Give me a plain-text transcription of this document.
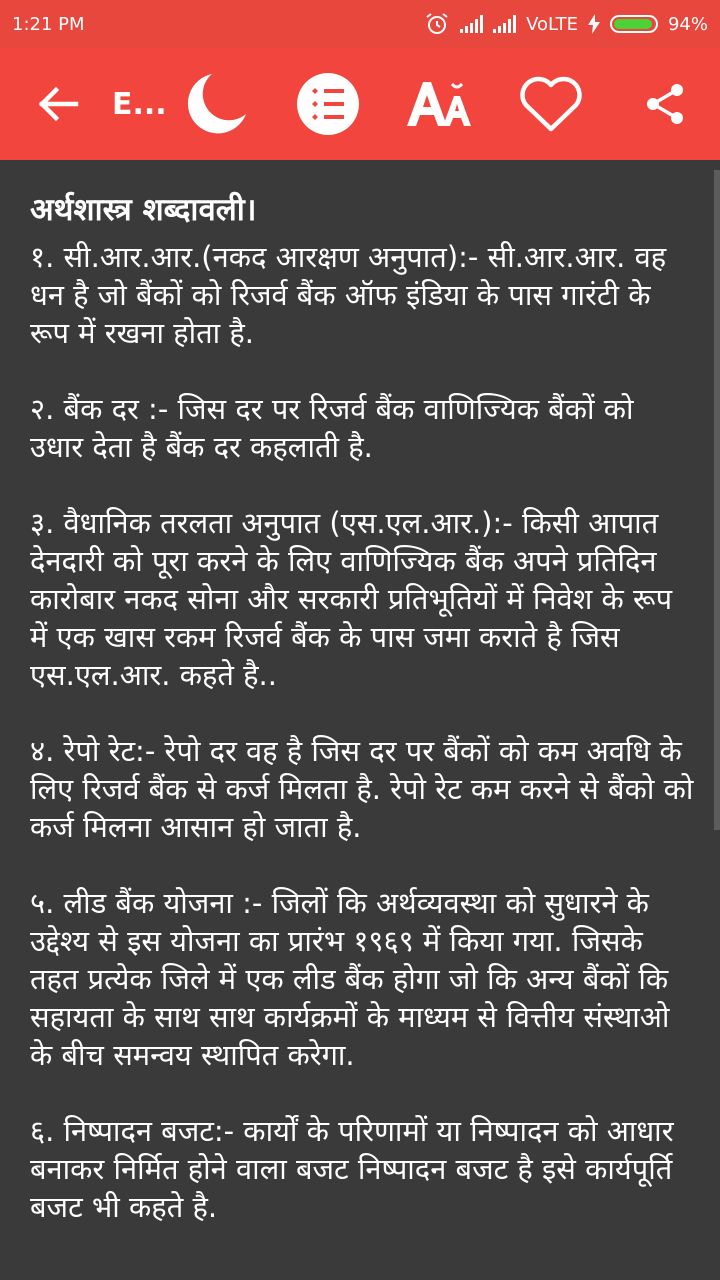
1:21 PM	VoLTE	94%
E...
अर्थशास्त्र शब्दावली।

१. सी.आर.आर.(नकद आरक्षण अनुपात):- सी.आर.आर. वह धन है जो बैंकों को रिजर्व बैंक ऑफ इंडिया के पास गारंटी के रूप में रखना होता है.

२. बैंक दर :- जिस दर पर रिजर्व बैंक वाणिज्यिक बैंकों को उधार देता है बैंक दर कहलाती है.

३. वैधानिक तरलता अनुपात (एस.एल.आर.):- किसी आपात देनदारी को पूरा करने के लिए वाणिज्यिक बैंक अपने प्रतिदिन कारोबार नकद सोना और सरकारी प्रतिभूतियों में निवेश के रूप में एक खास रकम रिजर्व बैंक के पास जमा कराते है जिस एस.एल.आर. कहते है..

४. रेपो रेट:- रेपो दर वह है जिस दर पर बैंकों को कम अवधि के लिए रिजर्व बैंक से कर्ज मिलता है. रेपो रेट कम करने से बैंको को कर्ज मिलना आसान हो जाता है.

५. लीड बैंक योजना :- जिलों कि अर्थव्यवस्था को सुधारने के उद्देश्य से इस योजना का प्रारंभ १९६९ में किया गया. जिसके तहत प्रत्येक जिले में एक लीड बैंक होगा जो कि अन्य बैंकों कि सहायता के साथ साथ कार्यक्रमों के माध्यम से वित्तीय संस्थाओ के बीच समन्वय स्थापित करेगा.

६. निष्पादन बजट:- कार्यों के परिणामों या निष्पादन को आधार बनाकर निर्मित होने वाला बजट निष्पादन बजट है इसे कार्यपूर्ति बजट भी कहते है.
